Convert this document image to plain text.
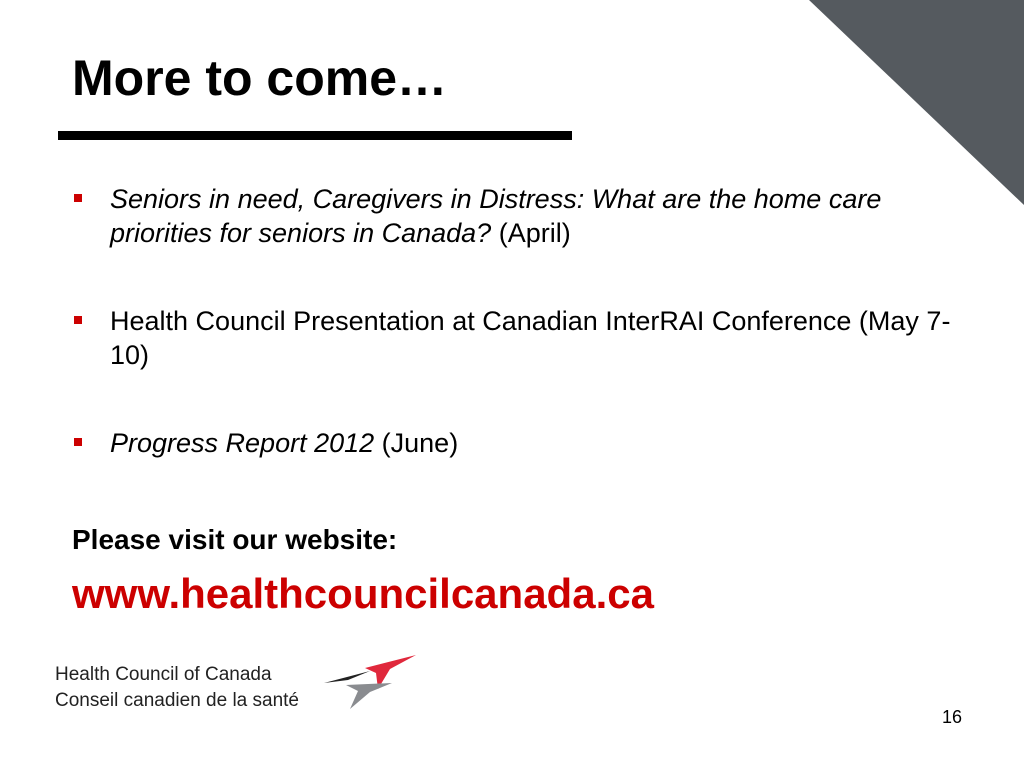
More to come…
Seniors in need, Caregivers in Distress: What are the home care priorities for seniors in Canada? (April)
Health Council Presentation at Canadian InterRAI Conference (May 7-10)
Progress Report 2012 (June)
Please visit our website:
www.healthcouncilcanada.ca
Health Council of Canada
Conseil canadien de la santé
16
